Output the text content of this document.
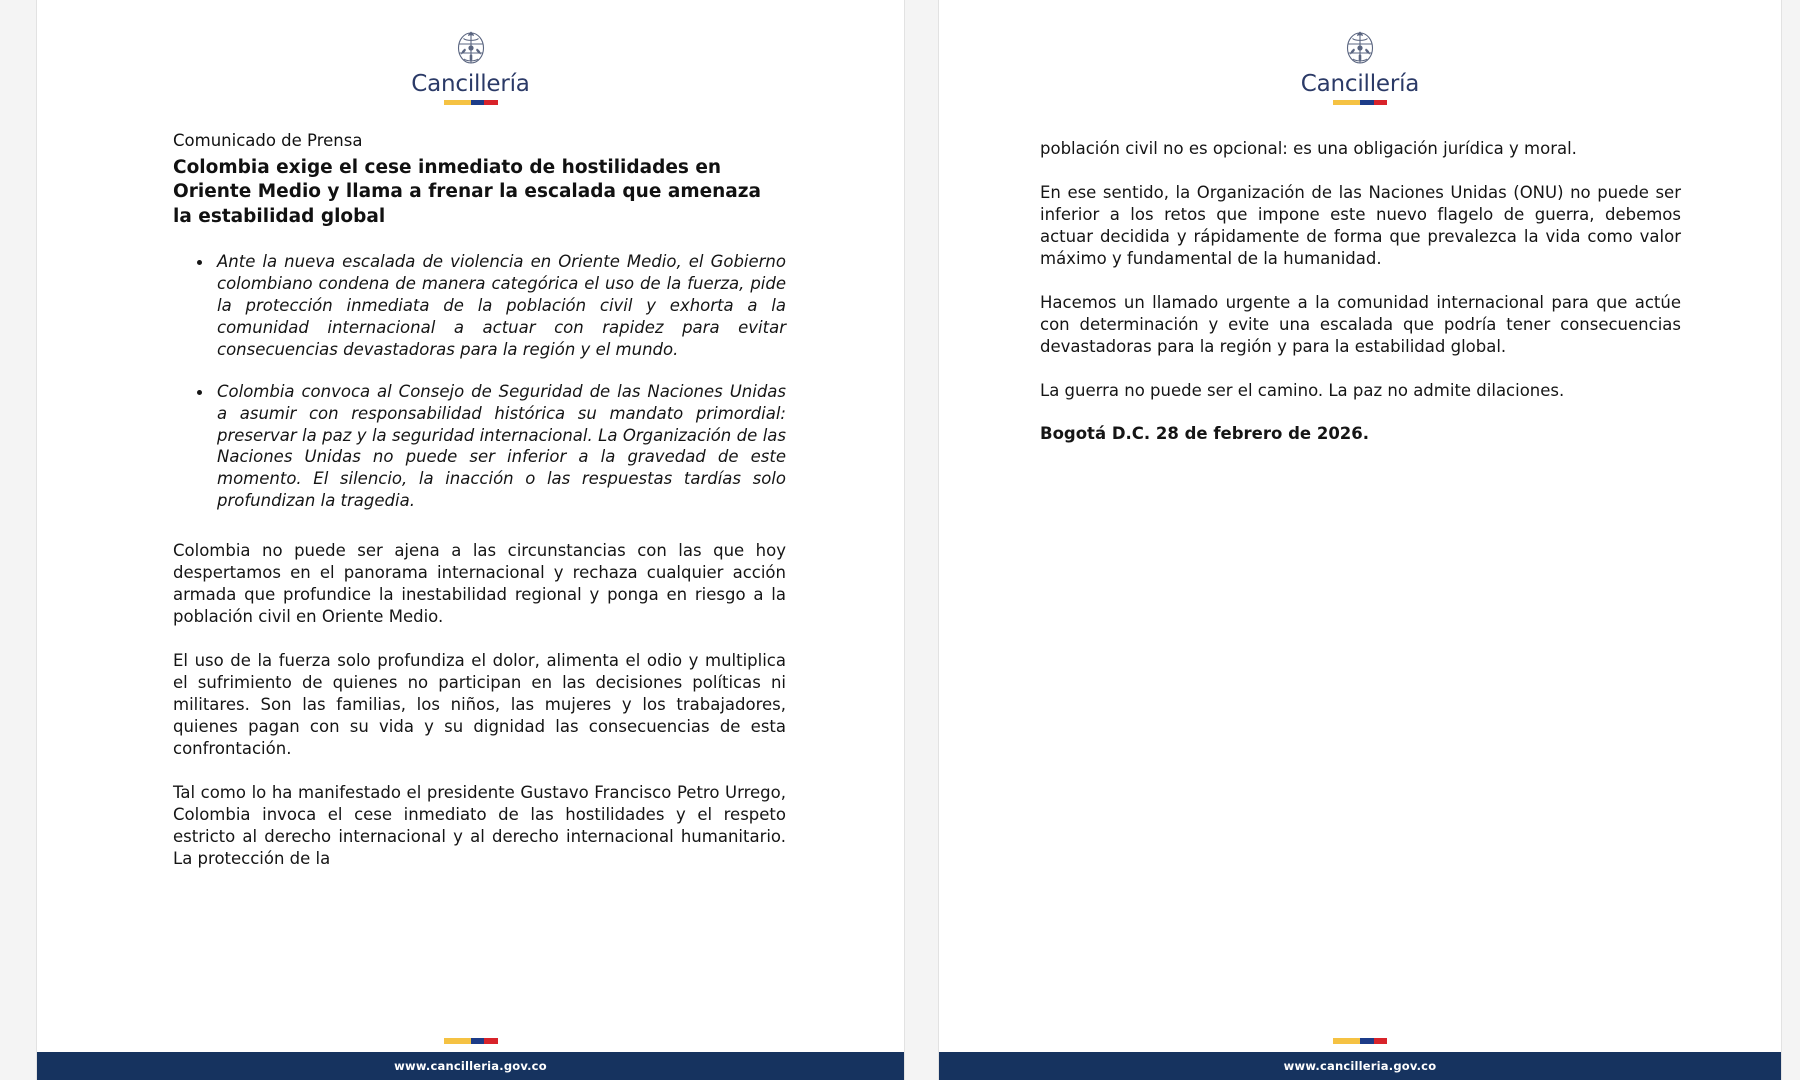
Cancillería

Comunicado de Prensa

Colombia exige el cese inmediato de hostilidades en Oriente Medio y llama a frenar la escalada que amenaza la estabilidad global
Ante la nueva escalada de violencia en Oriente Medio, el Gobierno colombiano condena de manera categórica el uso de la fuerza, pide la protección inmediata de la población civil y exhorta a la comunidad internacional a actuar con rapidez para evitar consecuencias devastadoras para la región y el mundo.
Colombia convoca al Consejo de Seguridad de las Naciones Unidas a asumir con responsabilidad histórica su mandato primordial: preservar la paz y la seguridad internacional. La Organización de las Naciones Unidas no puede ser inferior a la gravedad de este momento. El silencio, la inacción o las respuestas tardías solo profundizan la tragedia.

Colombia no puede ser ajena a las circunstancias con las que hoy despertamos en el panorama internacional y rechaza cualquier acción armada que profundice la inestabilidad regional y ponga en riesgo a la población civil en Oriente Medio.

El uso de la fuerza solo profundiza el dolor, alimenta el odio y multiplica el sufrimiento de quienes no participan en las decisiones políticas ni militares. Son las familias, los niños, las mujeres y los trabajadores, quienes pagan con su vida y su dignidad las consecuencias de esta confrontación.

Tal como lo ha manifestado el presidente Gustavo Francisco Petro Urrego, Colombia invoca el cese inmediato de las hostilidades y el respeto estricto al derecho internacional y al derecho internacional humanitario. La protección de la

www.cancilleria.gov.co
Cancillería

población civil no es opcional: es una obligación jurídica y moral.

En ese sentido, la Organización de las Naciones Unidas (ONU) no puede ser inferior a los retos que impone este nuevo flagelo de guerra, debemos actuar decidida y rápidamente de forma que prevalezca la vida como valor máximo y fundamental de la humanidad.

Hacemos un llamado urgente a la comunidad internacional para que actúe con determinación y evite una escalada que podría tener consecuencias devastadoras para la región y para la estabilidad global.

La guerra no puede ser el camino. La paz no admite dilaciones.

Bogotá D.C. 28 de febrero de 2026.

www.cancilleria.gov.co
